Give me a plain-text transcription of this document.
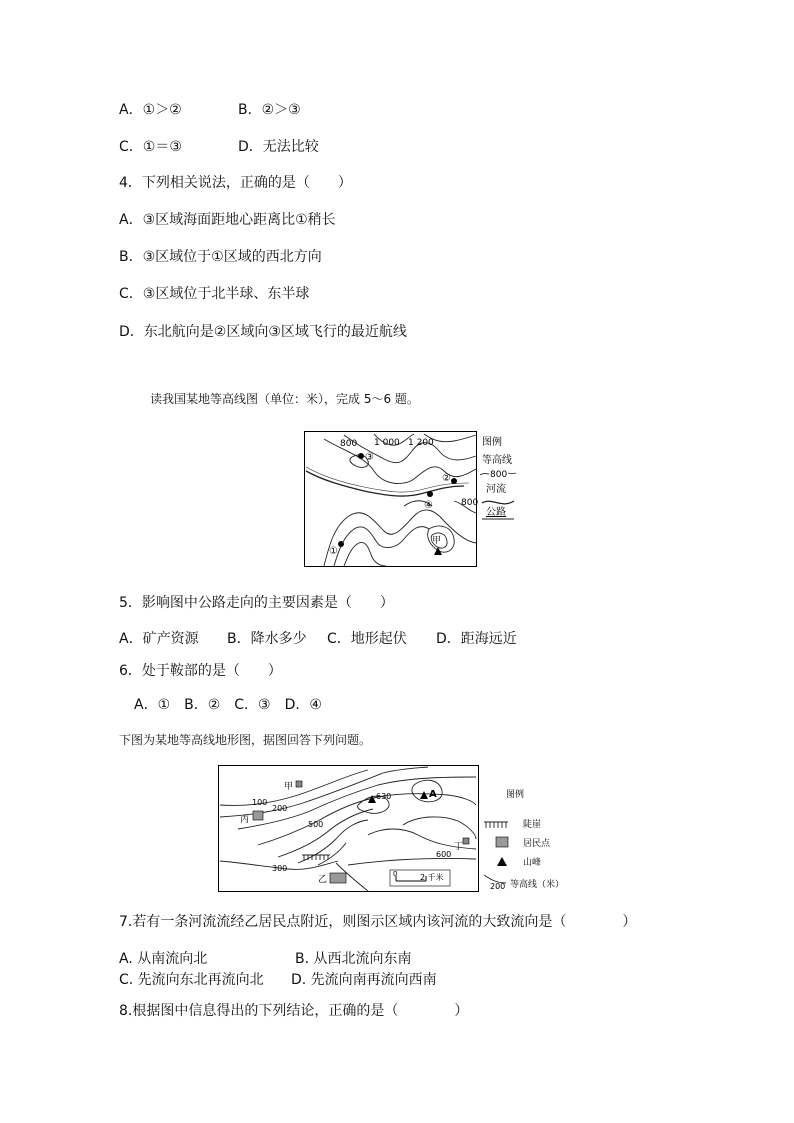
A．①＞②	B．②＞③
C．①＝③	D．无法比较
4．下列相关说法，正确的是（　　）
A．③区域海面距地心距离比①稍长
B．③区域位于①区域的西北方向
C．③区域位于北半球、东半球
D．东北航向是②区域向③区域飞行的最近航线
读我国某地等高线图（单位：米），完成 5～6 题。
③
②
④
①
甲
800 1 000 1 200
800
图例
等高线
800
河流
公路
5．影响图中公路走向的主要因素是（　　）
A．矿产资源 B．降水多少 C．地形起伏 D．距海远近
6．处于鞍部的是（　　）
A．①　B．②　C．③　D．④
下图为某地等高线地形图，据图回答下列问题。
甲
丙
丁
乙
630	A
100
200
500
300
600
0	2 千米
图例
陡崖
居民点
山峰
200 等高线（米）
7.若有一条河流流经乙居民点附近，则图示区域内该河流的大致流向是（　　　　）
A. 从南流向北	B. 从西北流向东南
C. 先流向东北再流向北 D. 先流向南再流向西南
8.根据图中信息得出的下列结论，正确的是（　　　　）
